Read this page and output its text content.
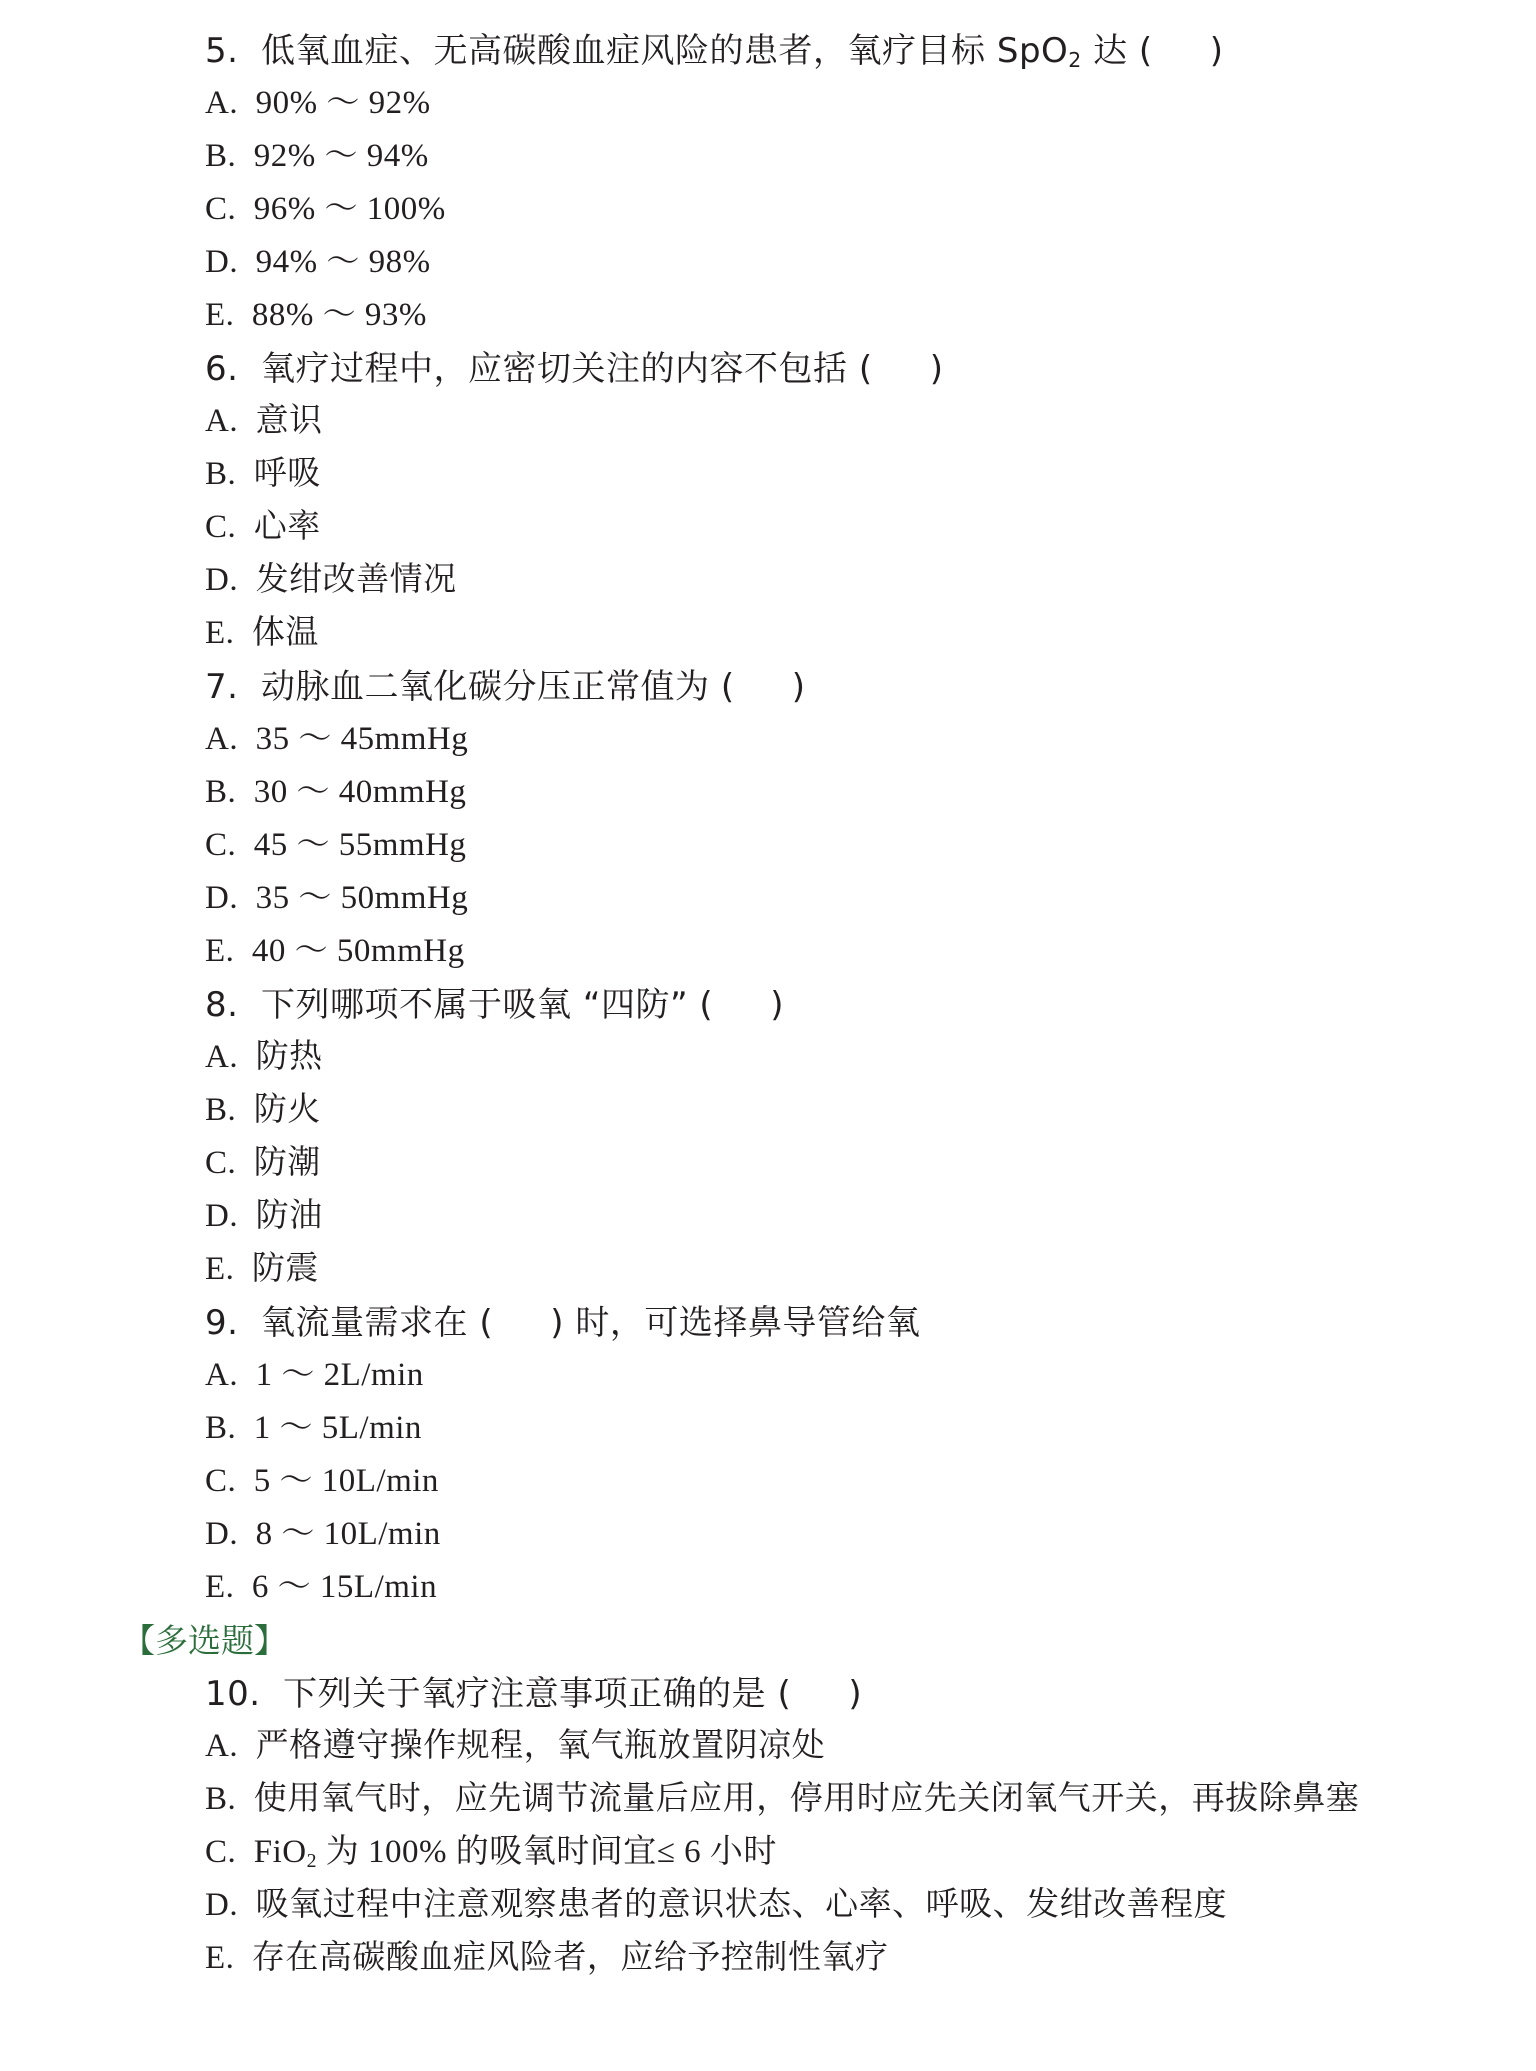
5.  低氧血症、无高碳酸血症风险的患者，氧疗目标 SpO$_2$ 达 (　  )
A.  90% ～ 92%
B.  92% ～ 94%
C.  96% ～ 100%
D.  94% ～ 98%
E.  88% ～ 93%
6.  氧疗过程中，应密切关注的内容不包括 (　  )
A.  意识
B.  呼吸
C.  心率
D.  发绀改善情况
E.  体温
7.  动脉血二氧化碳分压正常值为 (　  )
A.  35 ～ 45mmHg
B.  30 ～ 40mmHg
C.  45 ～ 55mmHg
D.  35 ～ 50mmHg
E.  40 ～ 50mmHg
8.  下列哪项不属于吸氧 “四防” (　  )
A.  防热
B.  防火
C.  防潮
D.  防油
E.  防震
9.  氧流量需求在 (　  ) 时，可选择鼻导管给氧
A.  1 ～ 2L/min
B.  1 ～ 5L/min
C.  5 ～ 10L/min
D.  8 ～ 10L/min
E.  6 ～ 15L/min
【多选题】
10.  下列关于氧疗注意事项正确的是 (　  )
A.  严格遵守操作规程，氧气瓶放置阴凉处
B.  使用氧气时，应先调节流量后应用，停用时应先关闭氧气开关，再拔除鼻塞
C.  FiO$_2$ 为 100% 的吸氧时间宜≤ 6 小时
D.  吸氧过程中注意观察患者的意识状态、心率、呼吸、发绀改善程度
E.  存在高碳酸血症风险者，应给予控制性氧疗
